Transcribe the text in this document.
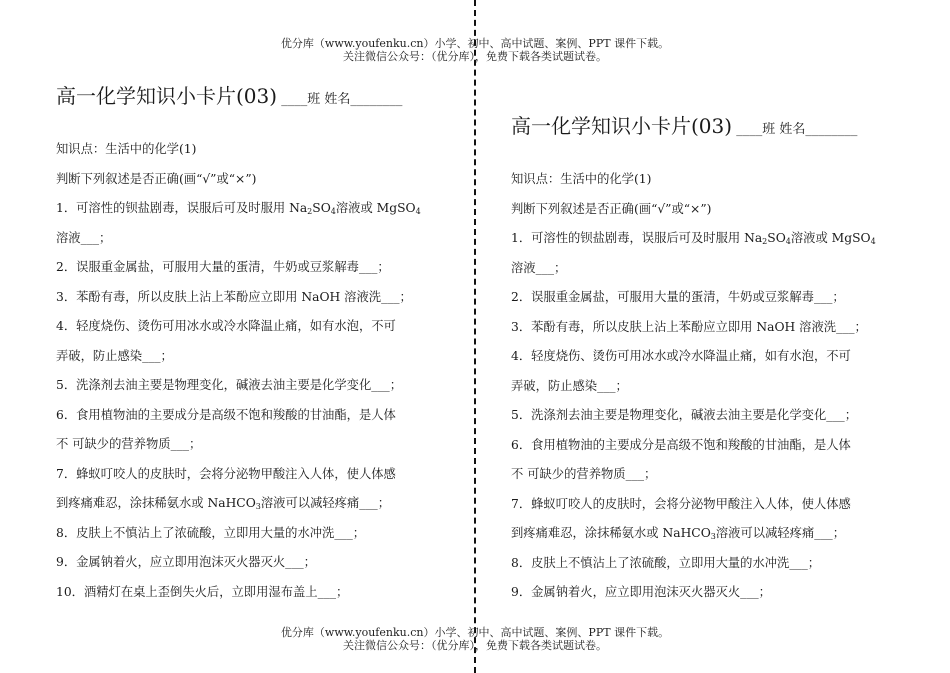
优分库（www.youfenku.cn）小学、初中、高中试题、案例、PPT 课件下载。
关注微信公众号：（优分库），免费下载各类试题试卷。
高一化学知识小卡片(03) ____班 姓名________
知识点：生活中的化学(1)
判断下列叙述是否正确(画“√”或“×”)
1．可溶性的钡盐剧毒，误服后可及时服用 $Na_2SO_4$溶液或 MgSO$_4$
溶液___；
2．误服重金属盐，可服用大量的蛋清，牛奶或豆浆解毒___；
3．苯酚有毒，所以皮肤上沾上苯酚应立即用 NaOH 溶液洗___；
4．轻度烧伤、烫伤可用冰水或冷水降温止痛，如有水泡，不可
弄破，防止感染___；
5．洗涤剂去油主要是物理变化，碱液去油主要是化学变化___；
6．食用植物油的主要成分是高级不饱和羧酸的甘油酯，是人体
不 可缺少的营养物质___；
7．蜂蚁叮咬人的皮肤时，会将分泌物甲酸注入人体，使人体感
到疼痛难忍，涂抹稀氨水或 NaHCO$_3$溶液可以减轻疼痛___；
8．皮肤上不慎沾上了浓硫酸，立即用大量的水冲洗___；
9．金属钠着火，应立即用泡沫灭火器灭火___；
10．酒精灯在桌上歪倒失火后，立即用湿布盖上___；
高一化学知识小卡片(03) ____班 姓名________
知识点：生活中的化学(1)
判断下列叙述是否正确(画“√”或“×”)
1．可溶性的钡盐剧毒，误服后可及时服用 $Na_2SO_4$溶液或 MgSO$_4$
溶液___；
2．误服重金属盐，可服用大量的蛋清，牛奶或豆浆解毒___；
3．苯酚有毒，所以皮肤上沾上苯酚应立即用 NaOH 溶液洗___；
4．轻度烧伤、烫伤可用冰水或冷水降温止痛，如有水泡，不可
弄破，防止感染___；
5．洗涤剂去油主要是物理变化，碱液去油主要是化学变化___；
6．食用植物油的主要成分是高级不饱和羧酸的甘油酯，是人体
不 可缺少的营养物质___；
7．蜂蚁叮咬人的皮肤时，会将分泌物甲酸注入人体，使人体感
到疼痛难忍，涂抹稀氨水或 NaHCO$_3$溶液可以减轻疼痛___；
8．皮肤上不慎沾上了浓硫酸，立即用大量的水冲洗___；
9．金属钠着火，应立即用泡沫灭火器灭火___；
优分库（www.youfenku.cn）小学、初中、高中试题、案例、PPT 课件下载。
关注微信公众号：（优分库），免费下载各类试题试卷。
